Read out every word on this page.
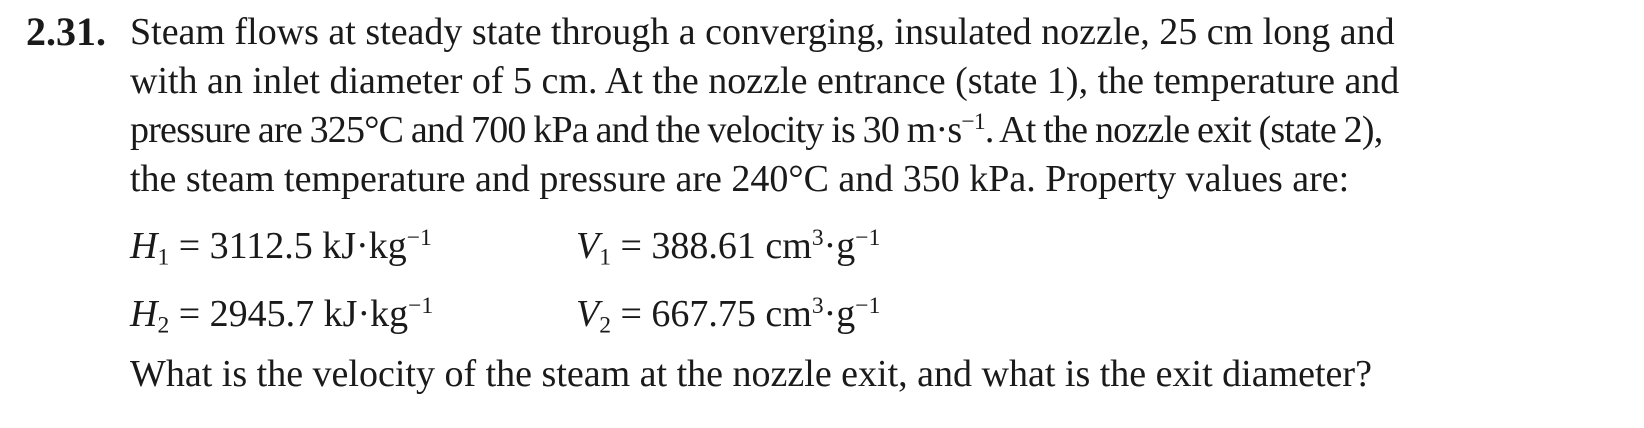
2.31. Steam flows at steady state through a converging, insulated nozzle, 25 cm long and
with an inlet diameter of 5 cm. At the nozzle entrance (state 1), the temperature and
pressure are 325°C and 700 kPa and the velocity is 30 $m\cdot s^{-1}$. At the nozzle exit (state 2),
the steam temperature and pressure are 240°C and 350 kPa. Property values are:
$H_1 = 3112.5$ $kJ\cdot kg^{-1}$	$V_1 = 388.61$ $cm^3\cdot g^{-1}$
$H_2 = 2945.7$ $kJ\cdot kg^{-1}$	$V_2 = 667.75$ $cm^3\cdot g^{-1}$
What is the velocity of the steam at the nozzle exit, and what is the exit diameter?
